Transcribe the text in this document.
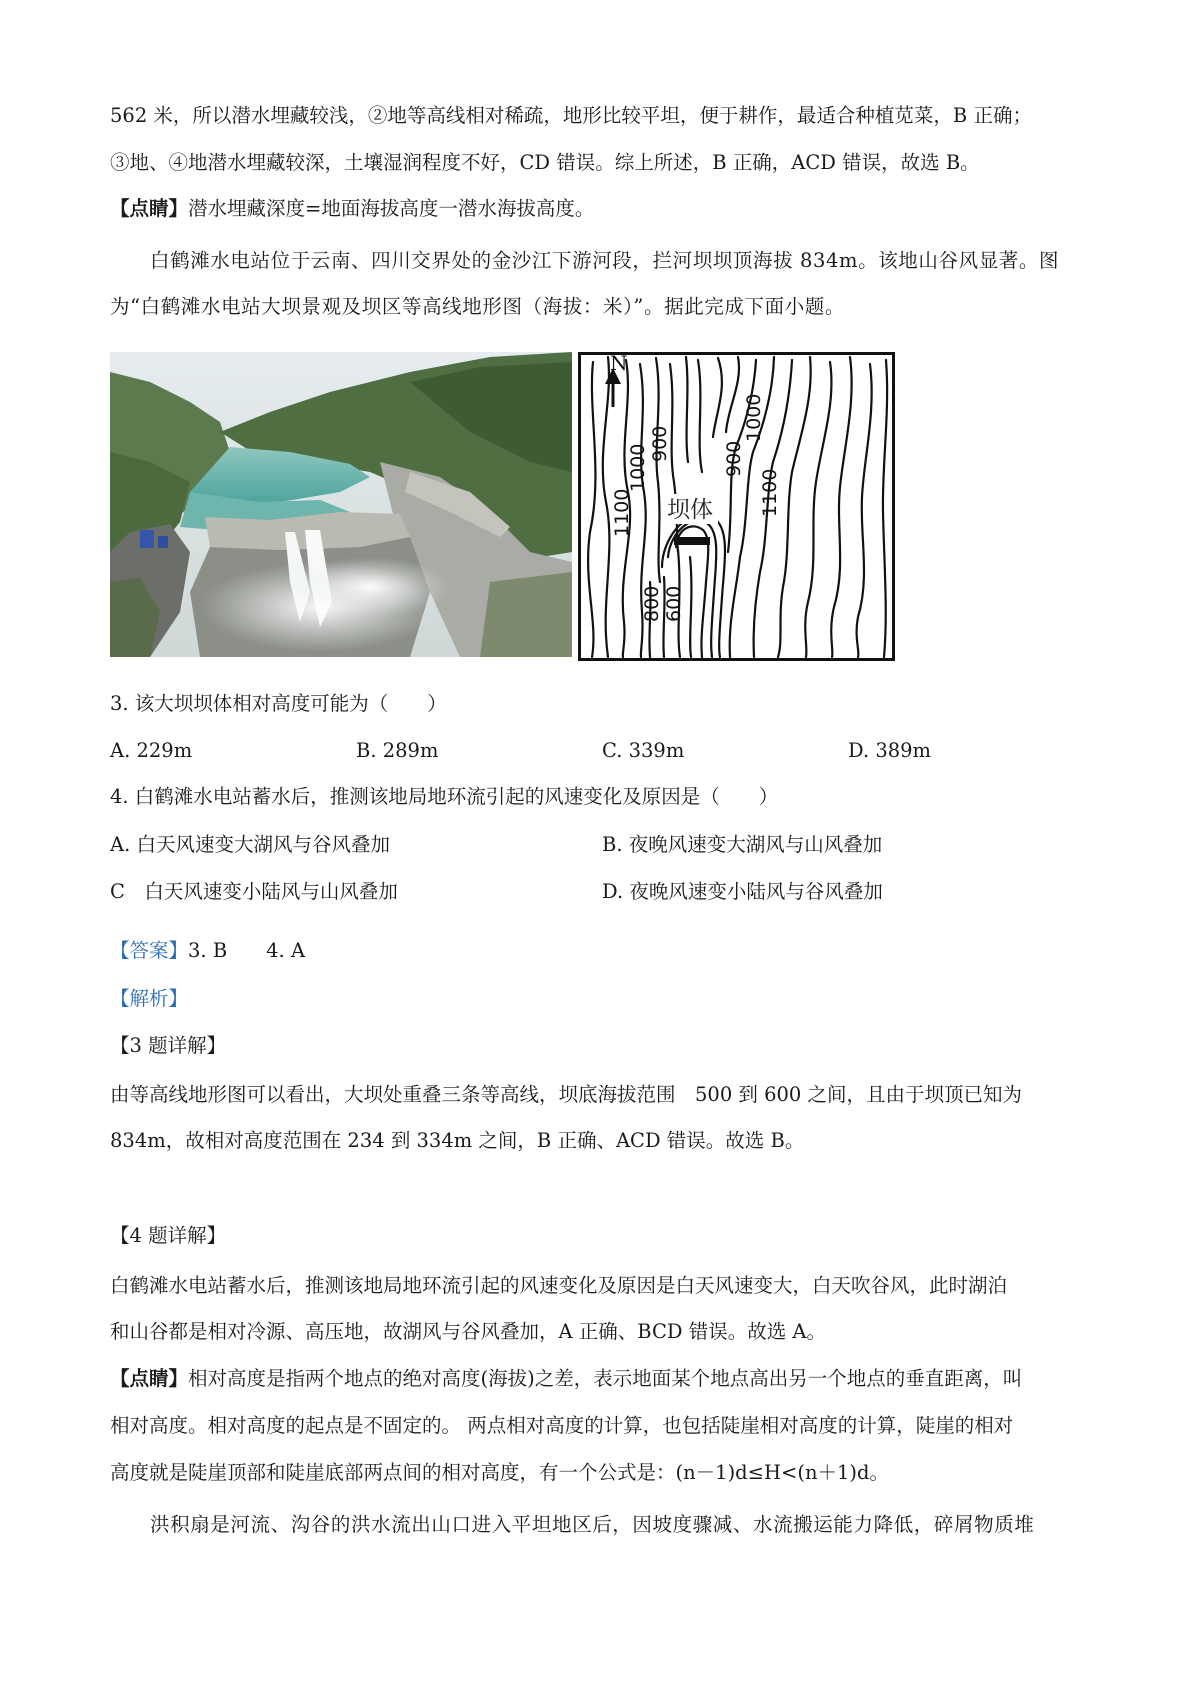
562 米，所以潜水埋藏较浅，②地等高线相对稀疏，地形比较平坦，便于耕作，最适合种植苋菜，B 正确；
③地、④地潜水埋藏较深，土壤湿润程度不好，CD 错误。综上所述，B 正确，ACD 错误，故选 B。
【点睛】潜水埋藏深度=地面海拔高度一潜水海拔高度。
白鹤滩水电站位于云南、四川交界处的金沙江下游河段，拦河坝坝顶海拔 834m。该地山谷风显著。图
为“白鹤滩水电站大坝景观及坝区等高线地形图（海拔：米）”。据此完成下面小题。
N
坝体
1100
1000 900	900
1000
1100
800 600
3. 该大坝坝体相对高度可能为（　　）
A. 229m	B. 289m	C. 339m	D. 389m
4. 白鹤滩水电站蓄水后，推测该地局地环流引起的风速变化及原因是（　　）
A. 白天风速变大湖风与谷风叠加	B. 夜晚风速变大湖风与山风叠加
C　白天风速变小陆风与山风叠加	D. 夜晚风速变小陆风与谷风叠加
【答案】3. B　　4. A
【解析】
【3 题详解】
由等高线地形图可以看出，大坝处重叠三条等高线，坝底海拔范围　500 到 600 之间，且由于坝顶已知为
834m，故相对高度范围在 234 到 334m 之间，B 正确、ACD 错误。故选 B。
【4 题详解】
白鹤滩水电站蓄水后，推测该地局地环流引起的风速变化及原因是白天风速变大，白天吹谷风，此时湖泊
和山谷都是相对冷源、高压地，故湖风与谷风叠加，A 正确、BCD 错误。故选 A。
【点睛】相对高度是指两个地点的绝对高度(海拔)之差，表示地面某个地点高出另一个地点的垂直距离，叫
相对高度。相对高度的起点是不固定的。 两点相对高度的计算，也包括陡崖相对高度的计算，陡崖的相对
高度就是陡崖顶部和陡崖底部两点间的相对高度，有一个公式是：(n－1)d≤H<(n＋1)d。
洪积扇是河流、沟谷的洪水流出山口进入平坦地区后，因坡度骤减、水流搬运能力降低，碎屑物质堆
